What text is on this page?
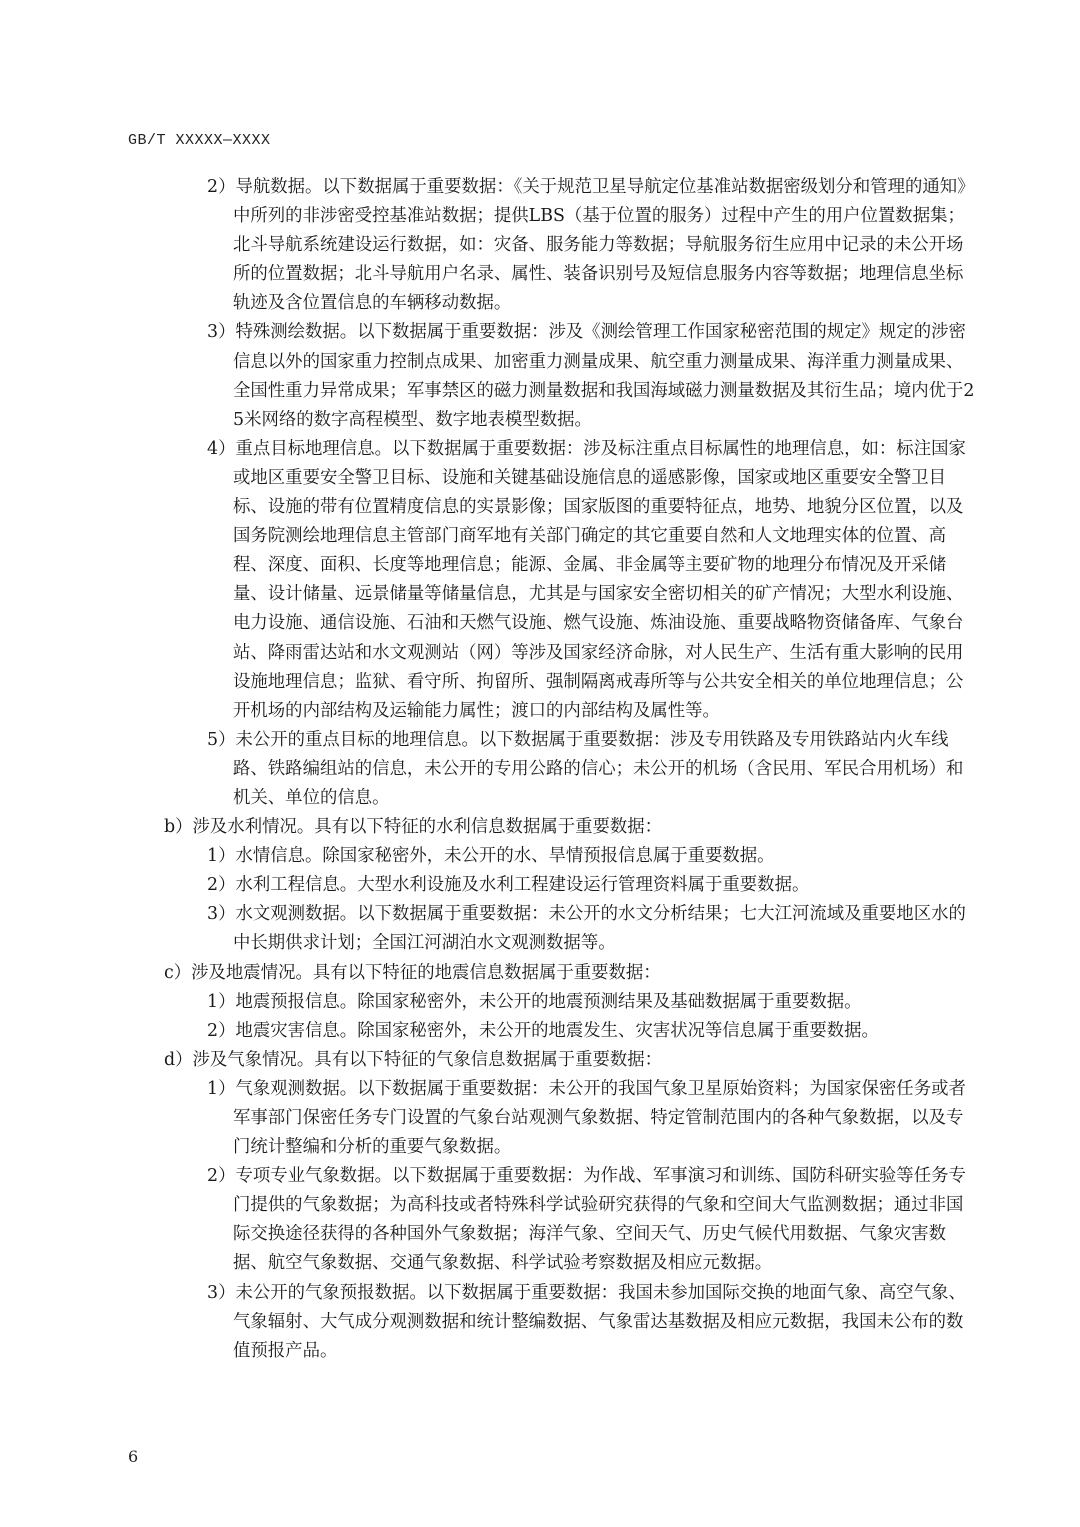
GB/T XXXXX—XXXX

2）导航数据。以下数据属于重要数据：《关于规范卫星导航定位基准站数据密级划分和管理的通知》中所列的非涉密受控基准站数据；提供LBS（基于位置的服务）过程中产生的用户位置数据集；北斗导航系统建设运行数据，如：灾备、服务能力等数据；导航服务衍生应用中记录的未公开场所的位置数据；北斗导航用户名录、属性、装备识别号及短信息服务内容等数据；地理信息坐标轨迹及含位置信息的车辆移动数据。

3）特殊测绘数据。以下数据属于重要数据：涉及《测绘管理工作国家秘密范围的规定》规定的涉密信息以外的国家重力控制点成果、加密重力测量成果、航空重力测量成果、海洋重力测量成果、全国性重力异常成果；军事禁区的磁力测量数据和我国海域磁力测量数据及其衍生品；境内优于25米网络的数字高程模型、数字地表模型数据。

4）重点目标地理信息。以下数据属于重要数据：涉及标注重点目标属性的地理信息，如：标注国家或地区重要安全警卫目标、设施和关键基础设施信息的遥感影像，国家或地区重要安全警卫目标、设施的带有位置精度信息的实景影像；国家版图的重要特征点，地势、地貌分区位置，以及国务院测绘地理信息主管部门商军地有关部门确定的其它重要自然和人文地理实体的位置、高程、深度、面积、长度等地理信息；能源、金属、非金属等主要矿物的地理分布情况及开采储量、设计储量、远景储量等储量信息，尤其是与国家安全密切相关的矿产情况；大型水利设施、电力设施、通信设施、石油和天燃气设施、燃气设施、炼油设施、重要战略物资储备库、气象台站、降雨雷达站和水文观测站（网）等涉及国家经济命脉，对人民生产、生活有重大影响的民用设施地理信息；监狱、看守所、拘留所、强制隔离戒毒所等与公共安全相关的单位地理信息；公开机场的内部结构及运输能力属性；渡口的内部结构及属性等。

5）未公开的重点目标的地理信息。以下数据属于重要数据：涉及专用铁路及专用铁路站内火车线路、铁路编组站的信息，未公开的专用公路的信心；未公开的机场（含民用、军民合用机场）和机关、单位的信息。

b）涉及水利情况。具有以下特征的水利信息数据属于重要数据：

1）水情信息。除国家秘密外，未公开的水、旱情预报信息属于重要数据。

2）水利工程信息。大型水利设施及水利工程建设运行管理资料属于重要数据。

3）水文观测数据。以下数据属于重要数据：未公开的水文分析结果；七大江河流域及重要地区水的中长期供求计划；全国江河湖泊水文观测数据等。

c）涉及地震情况。具有以下特征的地震信息数据属于重要数据：

1）地震预报信息。除国家秘密外，未公开的地震预测结果及基础数据属于重要数据。

2）地震灾害信息。除国家秘密外，未公开的地震发生、灾害状况等信息属于重要数据。

d）涉及气象情况。具有以下特征的气象信息数据属于重要数据：

1）气象观测数据。以下数据属于重要数据：未公开的我国气象卫星原始资料；为国家保密任务或者军事部门保密任务专门设置的气象台站观测气象数据、特定管制范围内的各种气象数据，以及专门统计整编和分析的重要气象数据。

2）专项专业气象数据。以下数据属于重要数据：为作战、军事演习和训练、国防科研实验等任务专门提供的气象数据；为高科技或者特殊科学试验研究获得的气象和空间大气监测数据；通过非国际交换途径获得的各种国外气象数据；海洋气象、空间天气、历史气候代用数据、气象灾害数据、航空气象数据、交通气象数据、科学试验考察数据及相应元数据。

3）未公开的气象预报数据。以下数据属于重要数据：我国未参加国际交换的地面气象、高空气象、气象辐射、大气成分观测数据和统计整编数据、气象雷达基数据及相应元数据，我国未公布的数值预报产品。

6
